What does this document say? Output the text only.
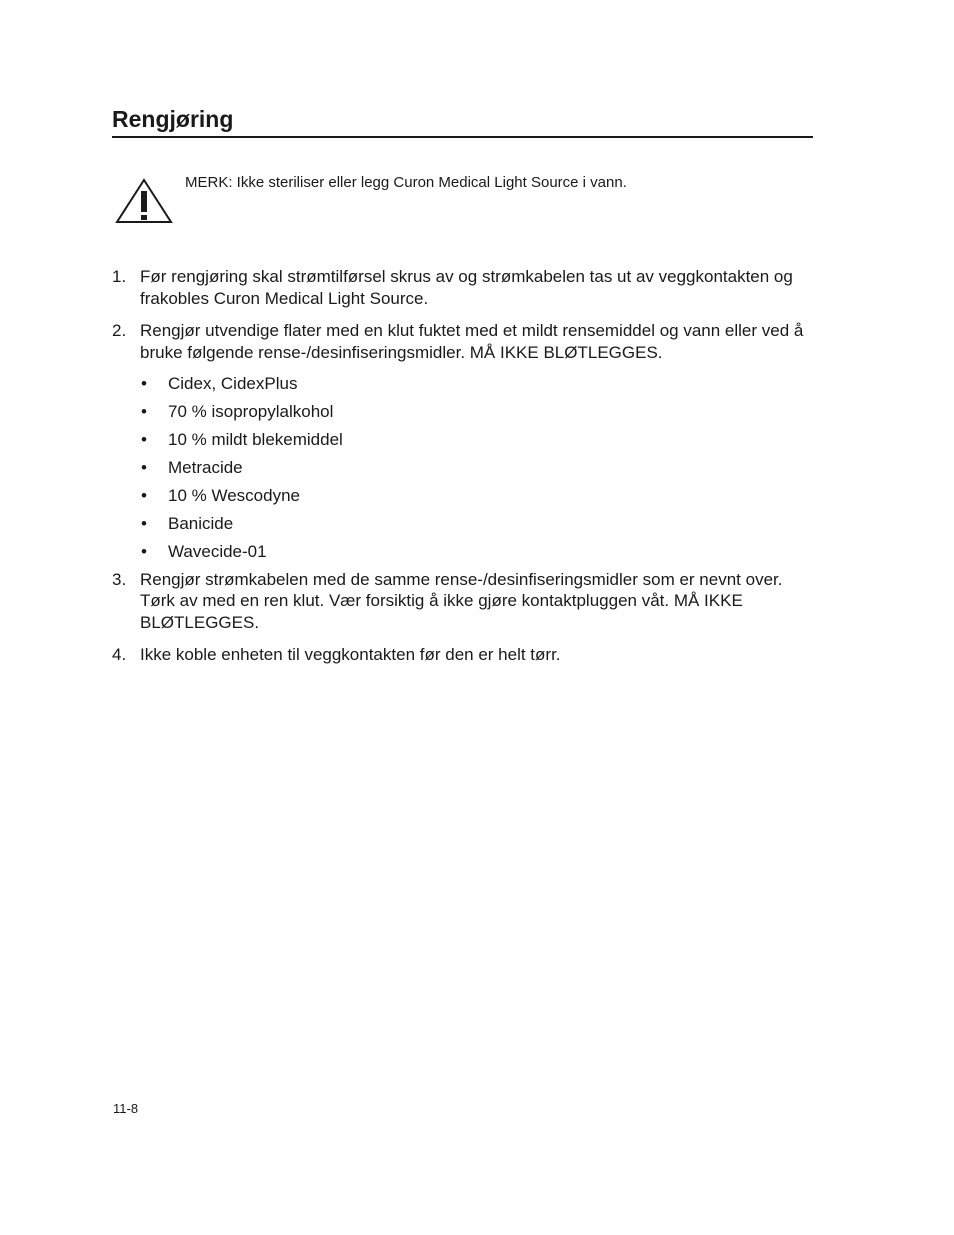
Rengjøring
MERK: Ikke steriliser eller legg Curon Medical Light Source i vann.
1. Før rengjøring skal strømtilførsel skrus av og strømkabelen tas ut av veggkontakten og frakobles Curon Medical Light Source.
2. Rengjør utvendige flater med en klut fuktet med et mildt rensemiddel og vann eller ved å bruke følgende rense-/desinfiseringsmidler. MÅ IKKE BLØTLEGGES.
• Cidex, CidexPlus
• 70 % isopropylalkohol
• 10 % mildt blekemiddel
• Metracide
• 10 % Wescodyne
• Banicide
• Wavecide-01
3. Rengjør strømkabelen med de samme rense-/desinfiseringsmidler som er nevnt over. Tørk av med en ren klut. Vær forsiktig å ikke gjøre kontaktpluggen våt. MÅ IKKE BLØTLEGGES.
4. Ikke koble enheten til veggkontakten før den er helt tørr.
11-8
